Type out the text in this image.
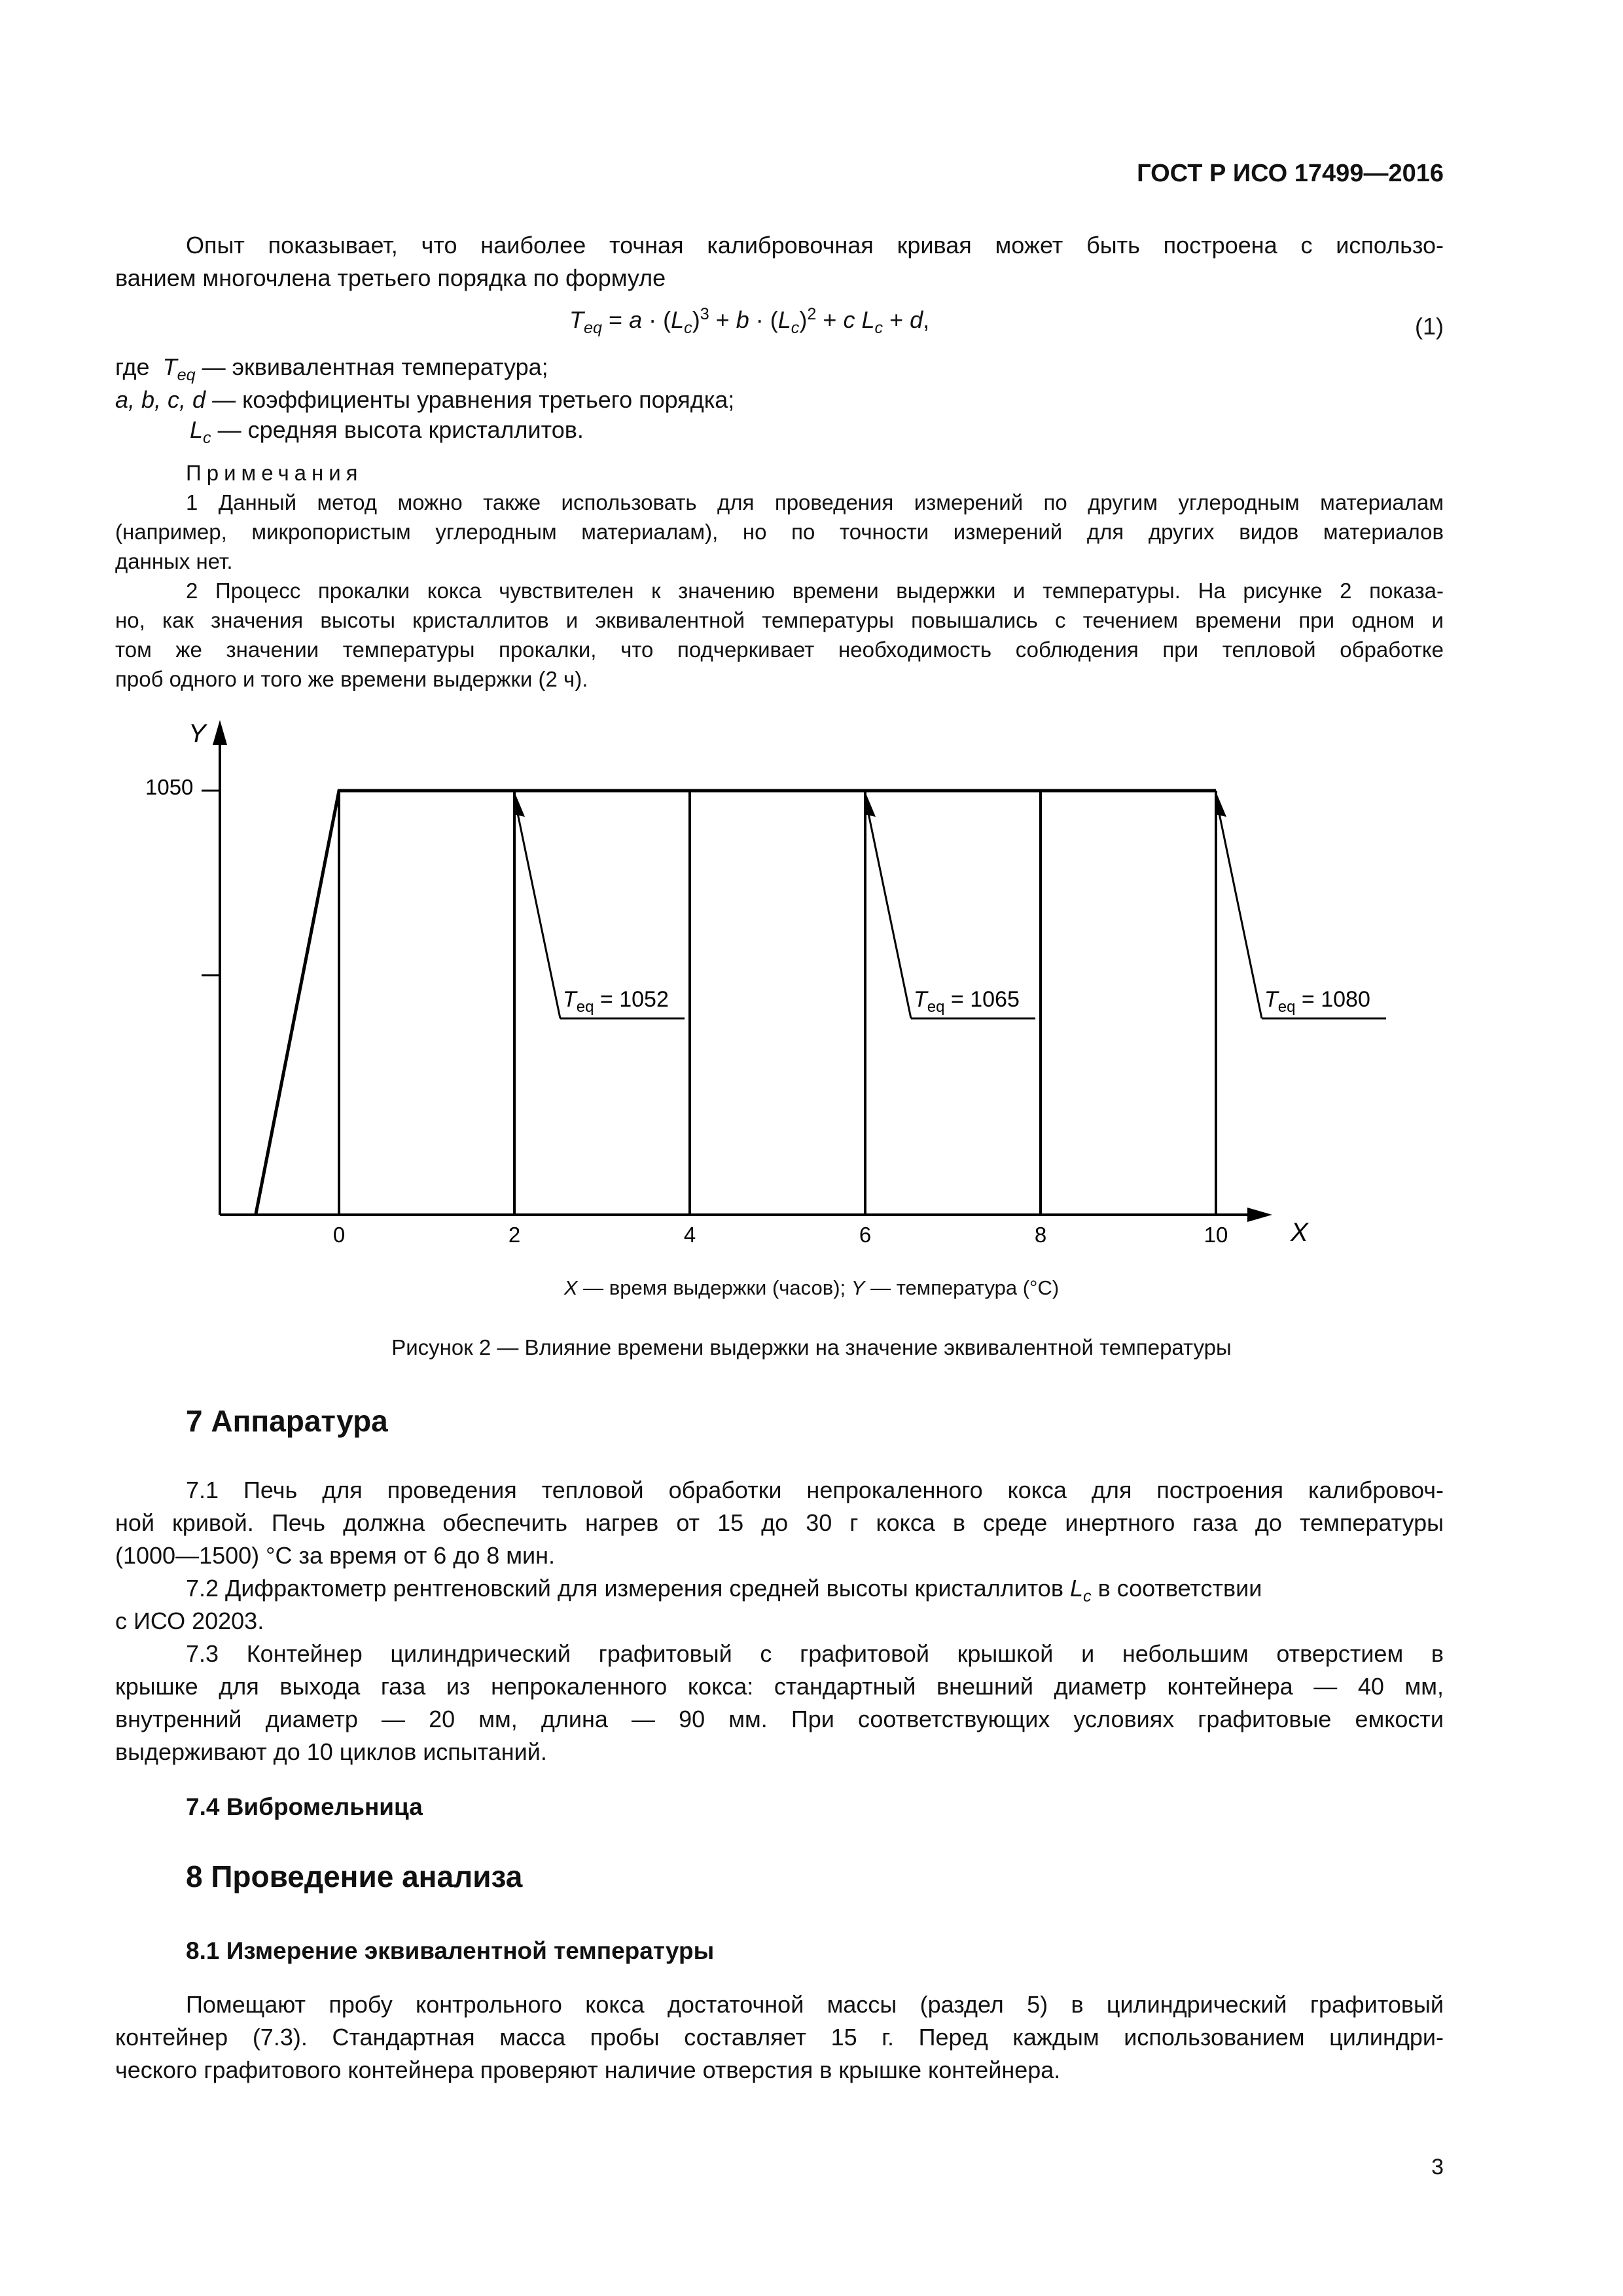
ГОСТ Р ИСО 17499—2016
Опыт показывает, что наиболее точная калибровочная кривая может быть построена с использо-
ванием многочлена третьего порядка по формуле
$T_{eq} = a \cdot (L_c)^3 + b \cdot (L_c)^2 + c$ $L_c + d$,	(1)
где $T_{eq}$ — эквивалентная температура;
a, b, c, d — коэффициенты уравнения третьего порядка;
$L_c$ — средняя высота кристаллитов.
Примечания
1 Данный метод можно также использовать для проведения измерений по другим углеродным материалам
(например, микропористым углеродным материалам), но по точности измерений для других видов материалов
данных нет.
2 Процесс прокалки кокса чувствителен к значению времени выдержки и температуры. На рисунке 2 показа-
но, как значения высоты кристаллитов и эквивалентной температуры повышались с течением времени при одном и
том же значении температуры прокалки, что подчеркивает необходимость соблюдения при тепловой обработке
проб одного и того же времени выдержки (2 ч).
0	2	4	6	8	10
$T_{eq} = 1052$	$T_{eq} = 1065$	$T_{eq} = 1080$
X
Y
1050
X — время выдержки (часов); Y — температура (°С)
Рисунок 2 — Влияние времени выдержки на значение эквивалентной температуры
7 Аппаратура
7.1 Печь для проведения тепловой обработки непрокаленного кокса для построения калибровоч-
ной кривой. Печь должна обеспечить нагрев от 15 до 30 г кокса в среде инертного газа до температуры
(1000—1500) °С за время от 6 до 8 мин.
7.2 Дифрактометр рентгеновский для измерения средней высоты кристаллитов $L_c$ в соответствии
с ИСО 20203.
7.3 Контейнер цилиндрический графитовый с графитовой крышкой и небольшим отверстием в
крышке для выхода газа из непрокаленного кокса: стандартный внешний диаметр контейнера — 40 мм,
внутренний диаметр — 20 мм, длина — 90 мм. При соответствующих условиях графитовые емкости
выдерживают до 10 циклов испытаний.
7.4 Вибромельница
8 Проведение анализа
8.1 Измерение эквивалентной температуры
Помещают пробу контрольного кокса достаточной массы (раздел 5) в цилиндрический графитовый
контейнер (7.3). Стандартная масса пробы составляет 15 г. Перед каждым использованием цилиндри-
ческого графитового контейнера проверяют наличие отверстия в крышке контейнера.
3
